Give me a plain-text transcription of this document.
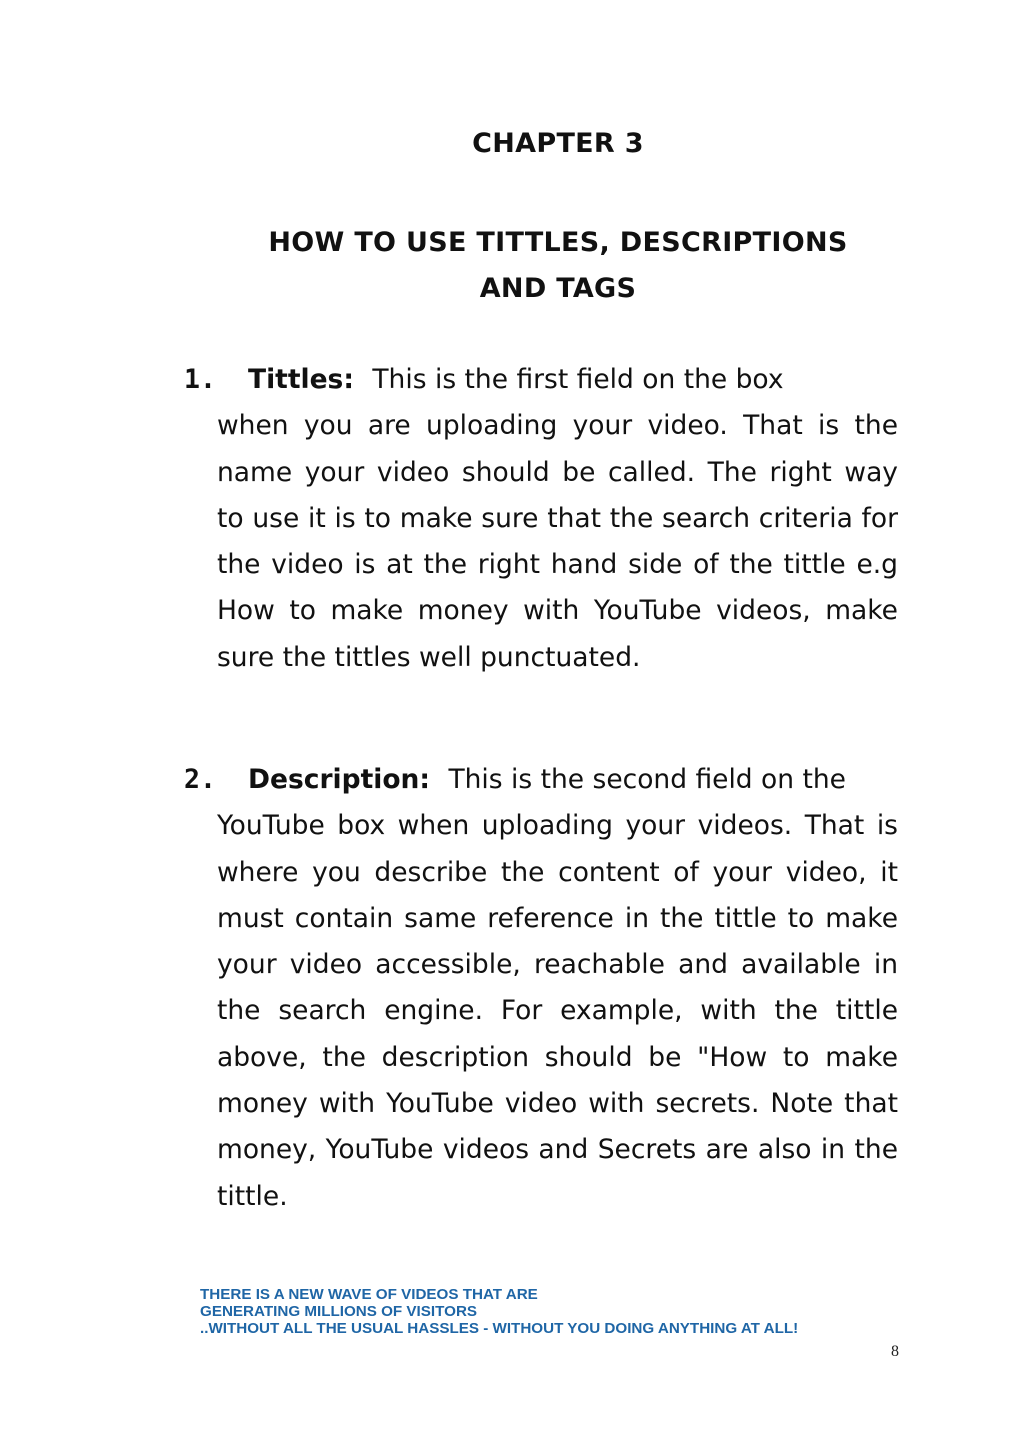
CHAPTER 3
HOW TO USE TITTLES, DESCRIPTIONS
AND TAGS
1. Tittles: This is the first field on the box
when you are uploading your video. That is the name your video should be called. The right way to use it is to make sure that the search criteria for the video is at the right hand side of the tittle e.g How to make money with YouTube videos, make sure the tittles well punctuated.
2. Description: This is the second field on the
YouTube box when uploading your videos. That is where you describe the content of your video, it must contain same reference in the tittle to make your video accessible, reachable and available in the search engine. For example, with the tittle above, the description should be "How to make money with YouTube video with secrets. Note that money, YouTube videos and Secrets are also in the tittle.
THERE IS A NEW WAVE OF VIDEOS THAT ARE
GENERATING MILLIONS OF VISITORS
..WITHOUT ALL THE USUAL HASSLES - WITHOUT YOU DOING ANYTHING AT ALL!
8
